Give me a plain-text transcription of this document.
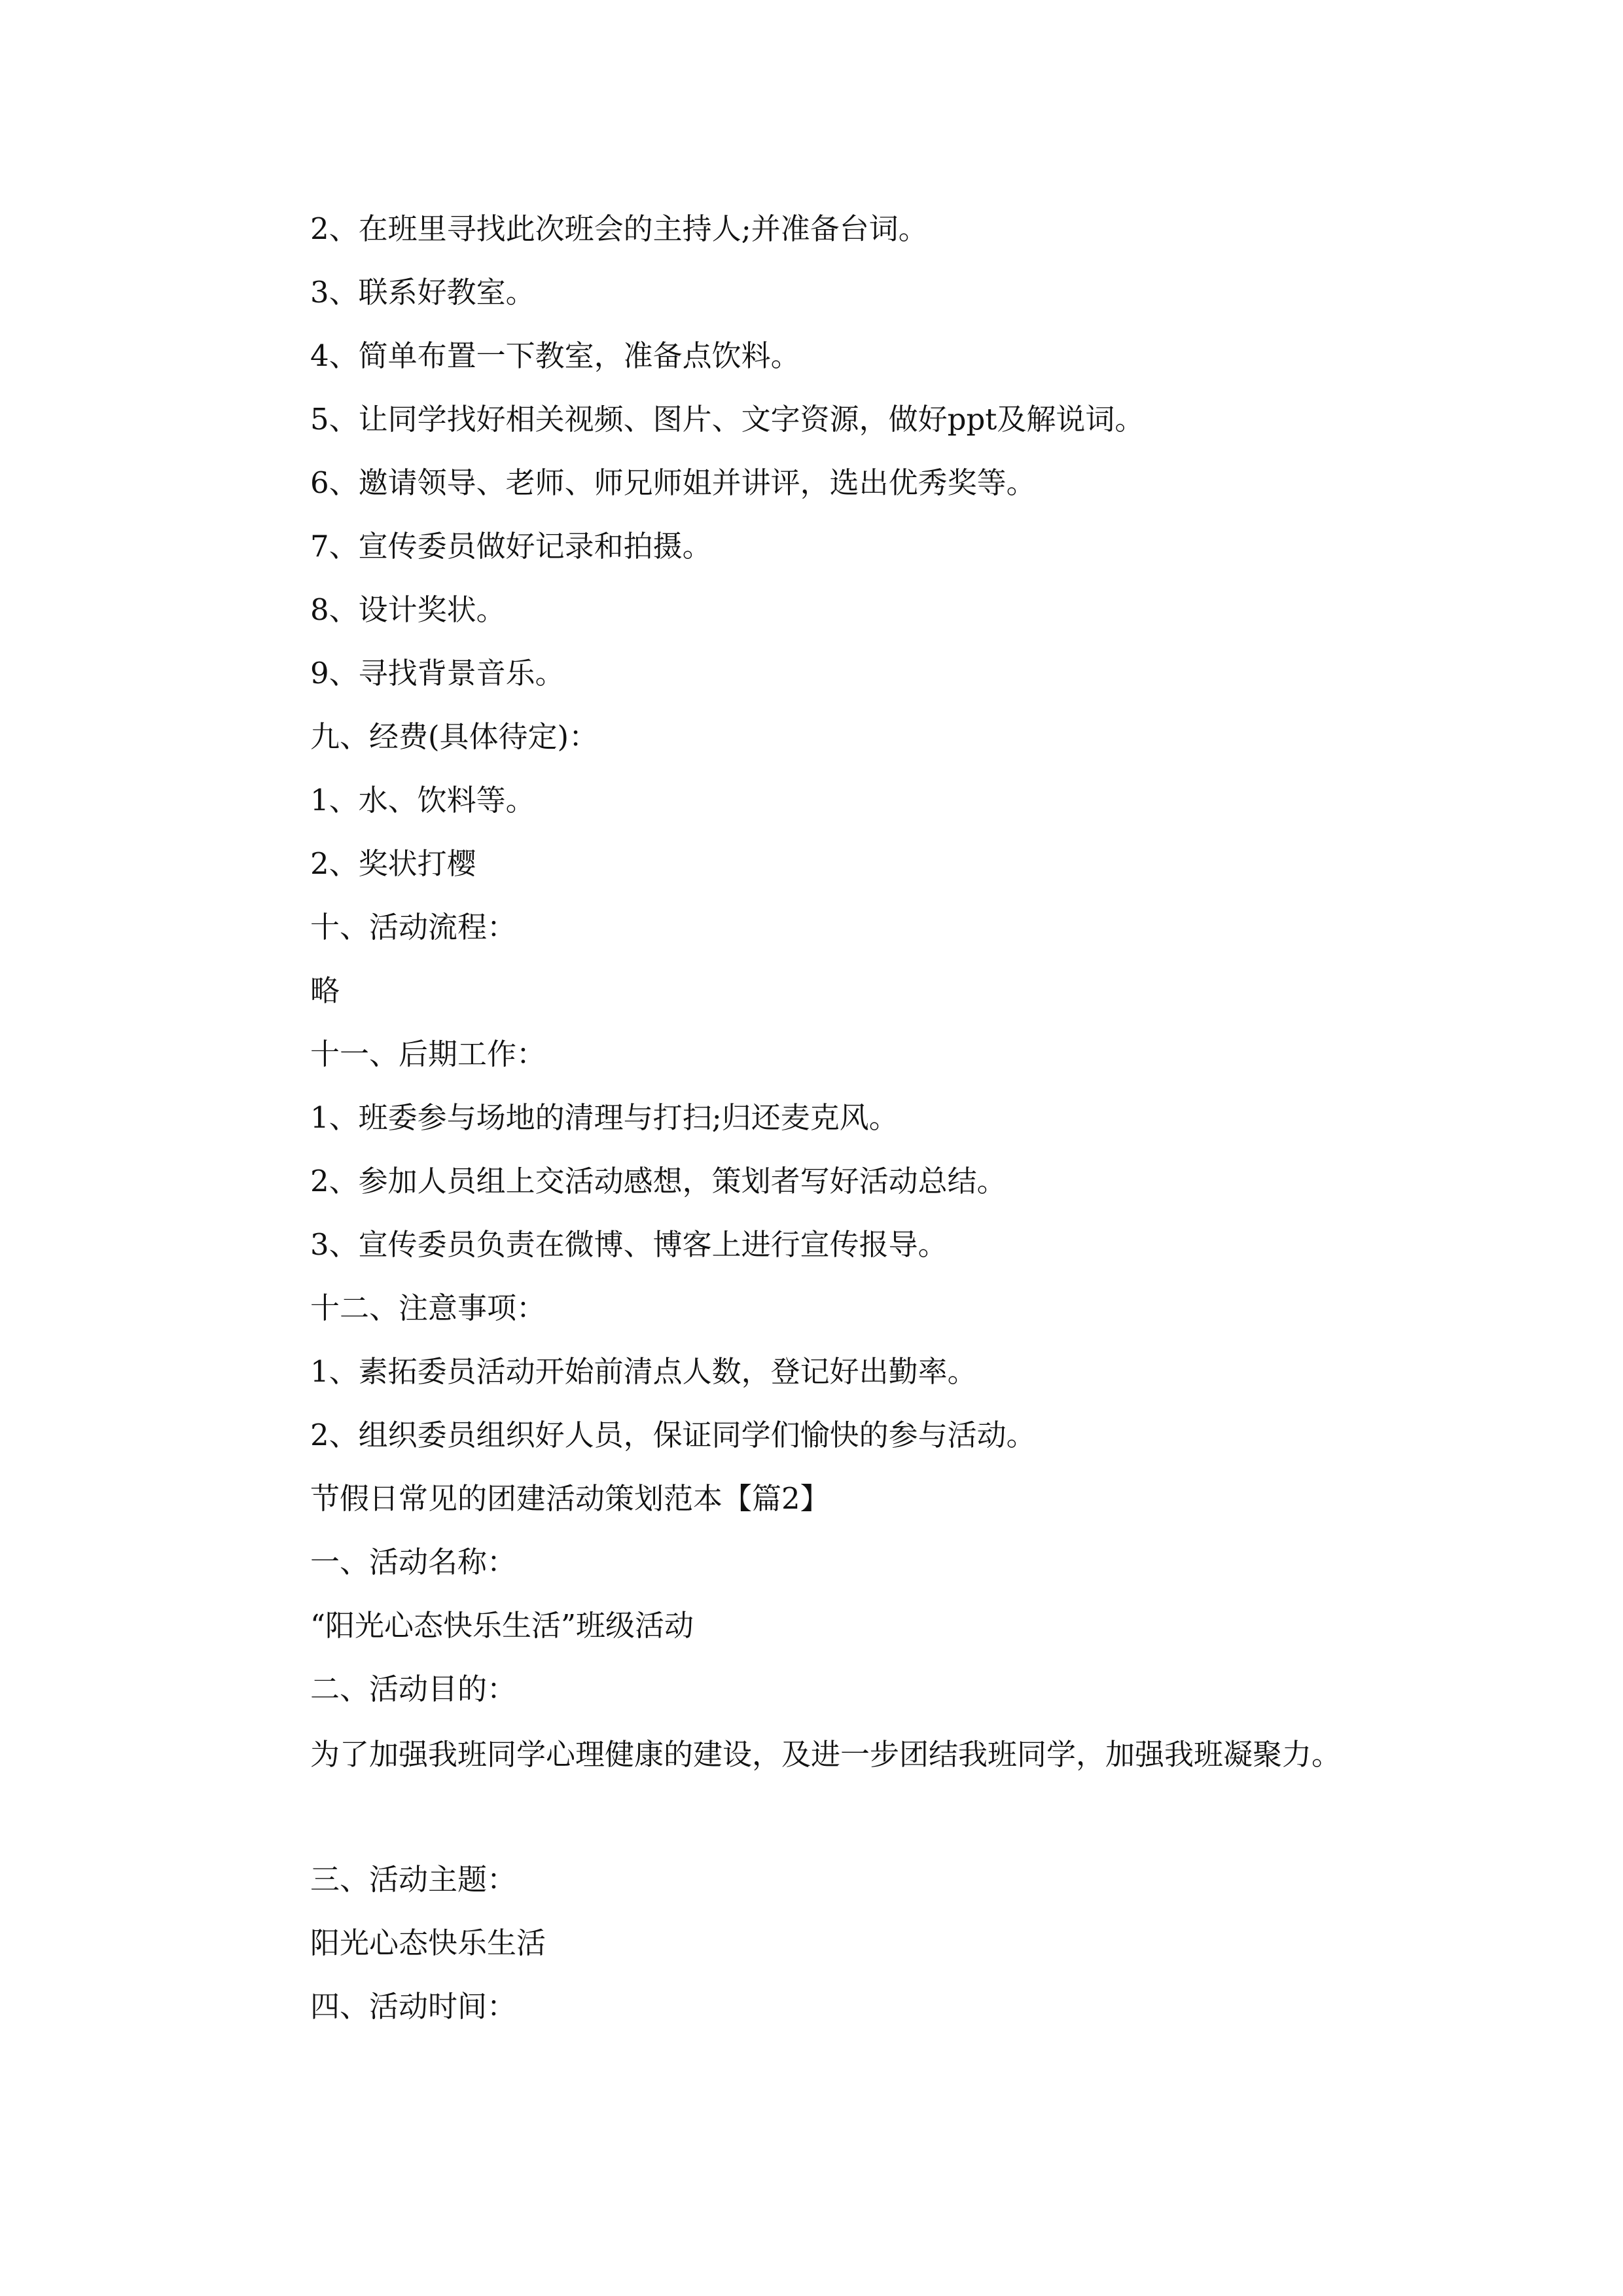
2、在班里寻找此次班会的主持人;并准备台词。
3、联系好教室。
4、简单布置一下教室，准备点饮料。
5、让同学找好相关视频、图片、文字资源，做好ppt及解说词。
6、邀请领导、老师、师兄师姐并讲评，选出优秀奖等。
7、宣传委员做好记录和拍摄。
8、设计奖状。
9、寻找背景音乐。
九、经费(具体待定)：
1、水、饮料等。
2、奖状打樱
十、活动流程：
略
十一、后期工作：
1、班委参与场地的清理与打扫;归还麦克风。
2、参加人员组上交活动感想，策划者写好活动总结。
3、宣传委员负责在微博、博客上进行宣传报导。
十二、注意事项：
1、素拓委员活动开始前清点人数，登记好出勤率。
2、组织委员组织好人员，保证同学们愉快的参与活动。
节假日常见的团建活动策划范本【篇2】
一、活动名称：
“阳光心态快乐生活”班级活动
二、活动目的：
为了加强我班同学心理健康的建设，及进一步团结我班同学，加强我班凝聚力。
三、活动主题：
阳光心态快乐生活
四、活动时间：
